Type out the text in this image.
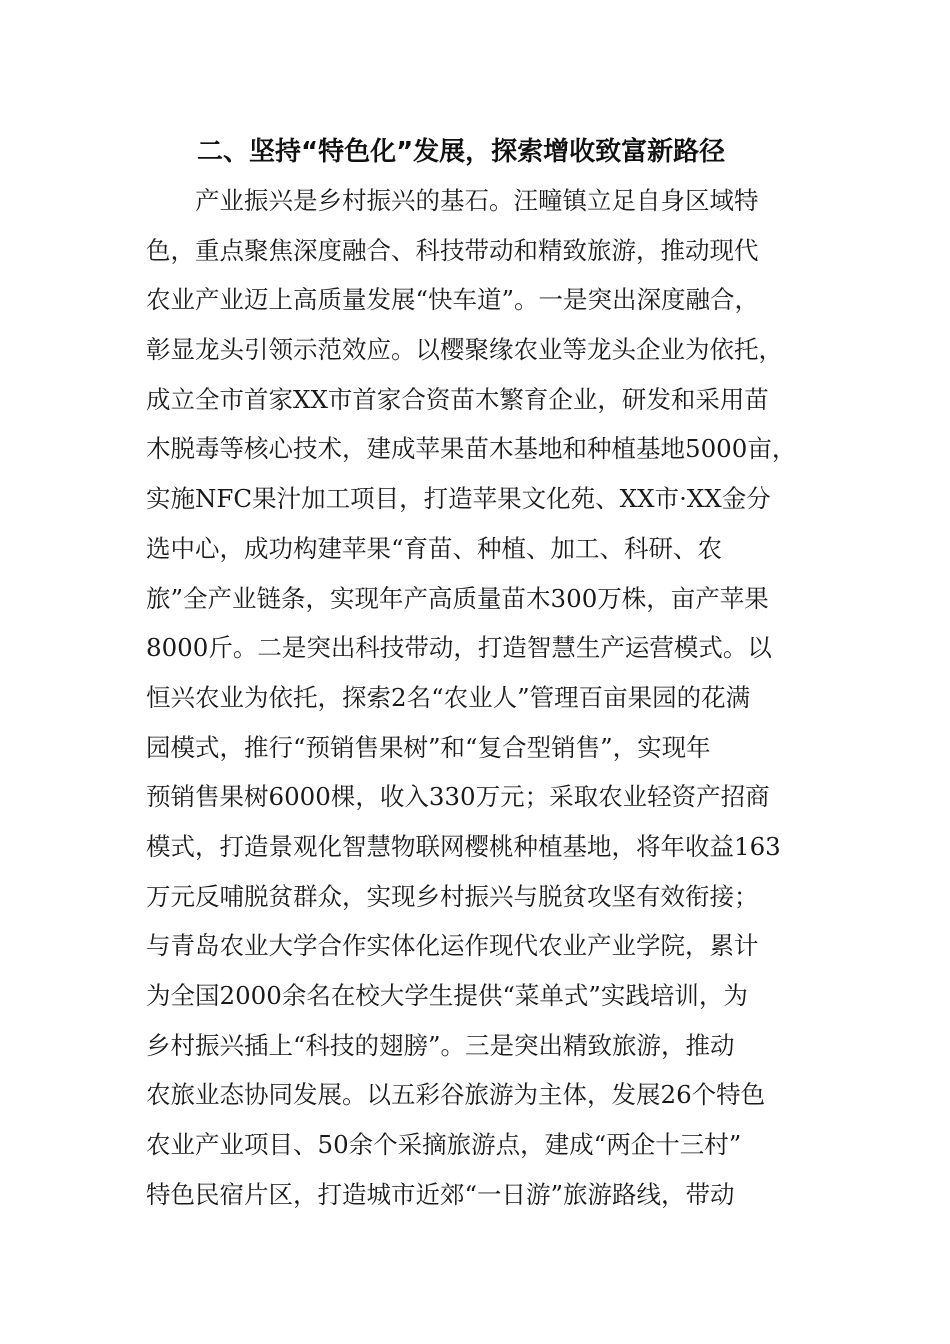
二、坚持“特色化”发展，探索增收致富新路径
产业振兴是乡村振兴的基石。汪疃镇立足自身区域特
色，重点聚焦深度融合、科技带动和精致旅游，推动现代
农业产业迈上高质量发展“快车道”。一是突出深度融合，
彰显龙头引领示范效应。以樱聚缘农业等龙头企业为依托，
成立全市首家XX市首家合资苗木繁育企业，研发和采用苗
木脱毒等核心技术，建成苹果苗木基地和种植基地5000亩，
实施NFC果汁加工项目，打造苹果文化苑、XX市·XX金分
选中心，成功构建苹果“育苗、种植、加工、科研、农
旅”全产业链条，实现年产高质量苗木300万株，亩产苹果
8000斤。二是突出科技带动，打造智慧生产运营模式。以
恒兴农业为依托，探索2名“农业人”管理百亩果园的花满
园模式，推行“预销售果树”和“复合型销售”，实现年
预销售果树6000棵，收入330万元；采取农业轻资产招商
模式，打造景观化智慧物联网樱桃种植基地，将年收益163
万元反哺脱贫群众，实现乡村振兴与脱贫攻坚有效衔接；
与青岛农业大学合作实体化运作现代农业产业学院，累计
为全国2000余名在校大学生提供“菜单式”实践培训，为
乡村振兴插上“科技的翅膀”。三是突出精致旅游，推动
农旅业态协同发展。以五彩谷旅游为主体，发展26个特色
农业产业项目、50余个采摘旅游点，建成“两企十三村”
特色民宿片区，打造城市近郊“一日游”旅游路线，带动
